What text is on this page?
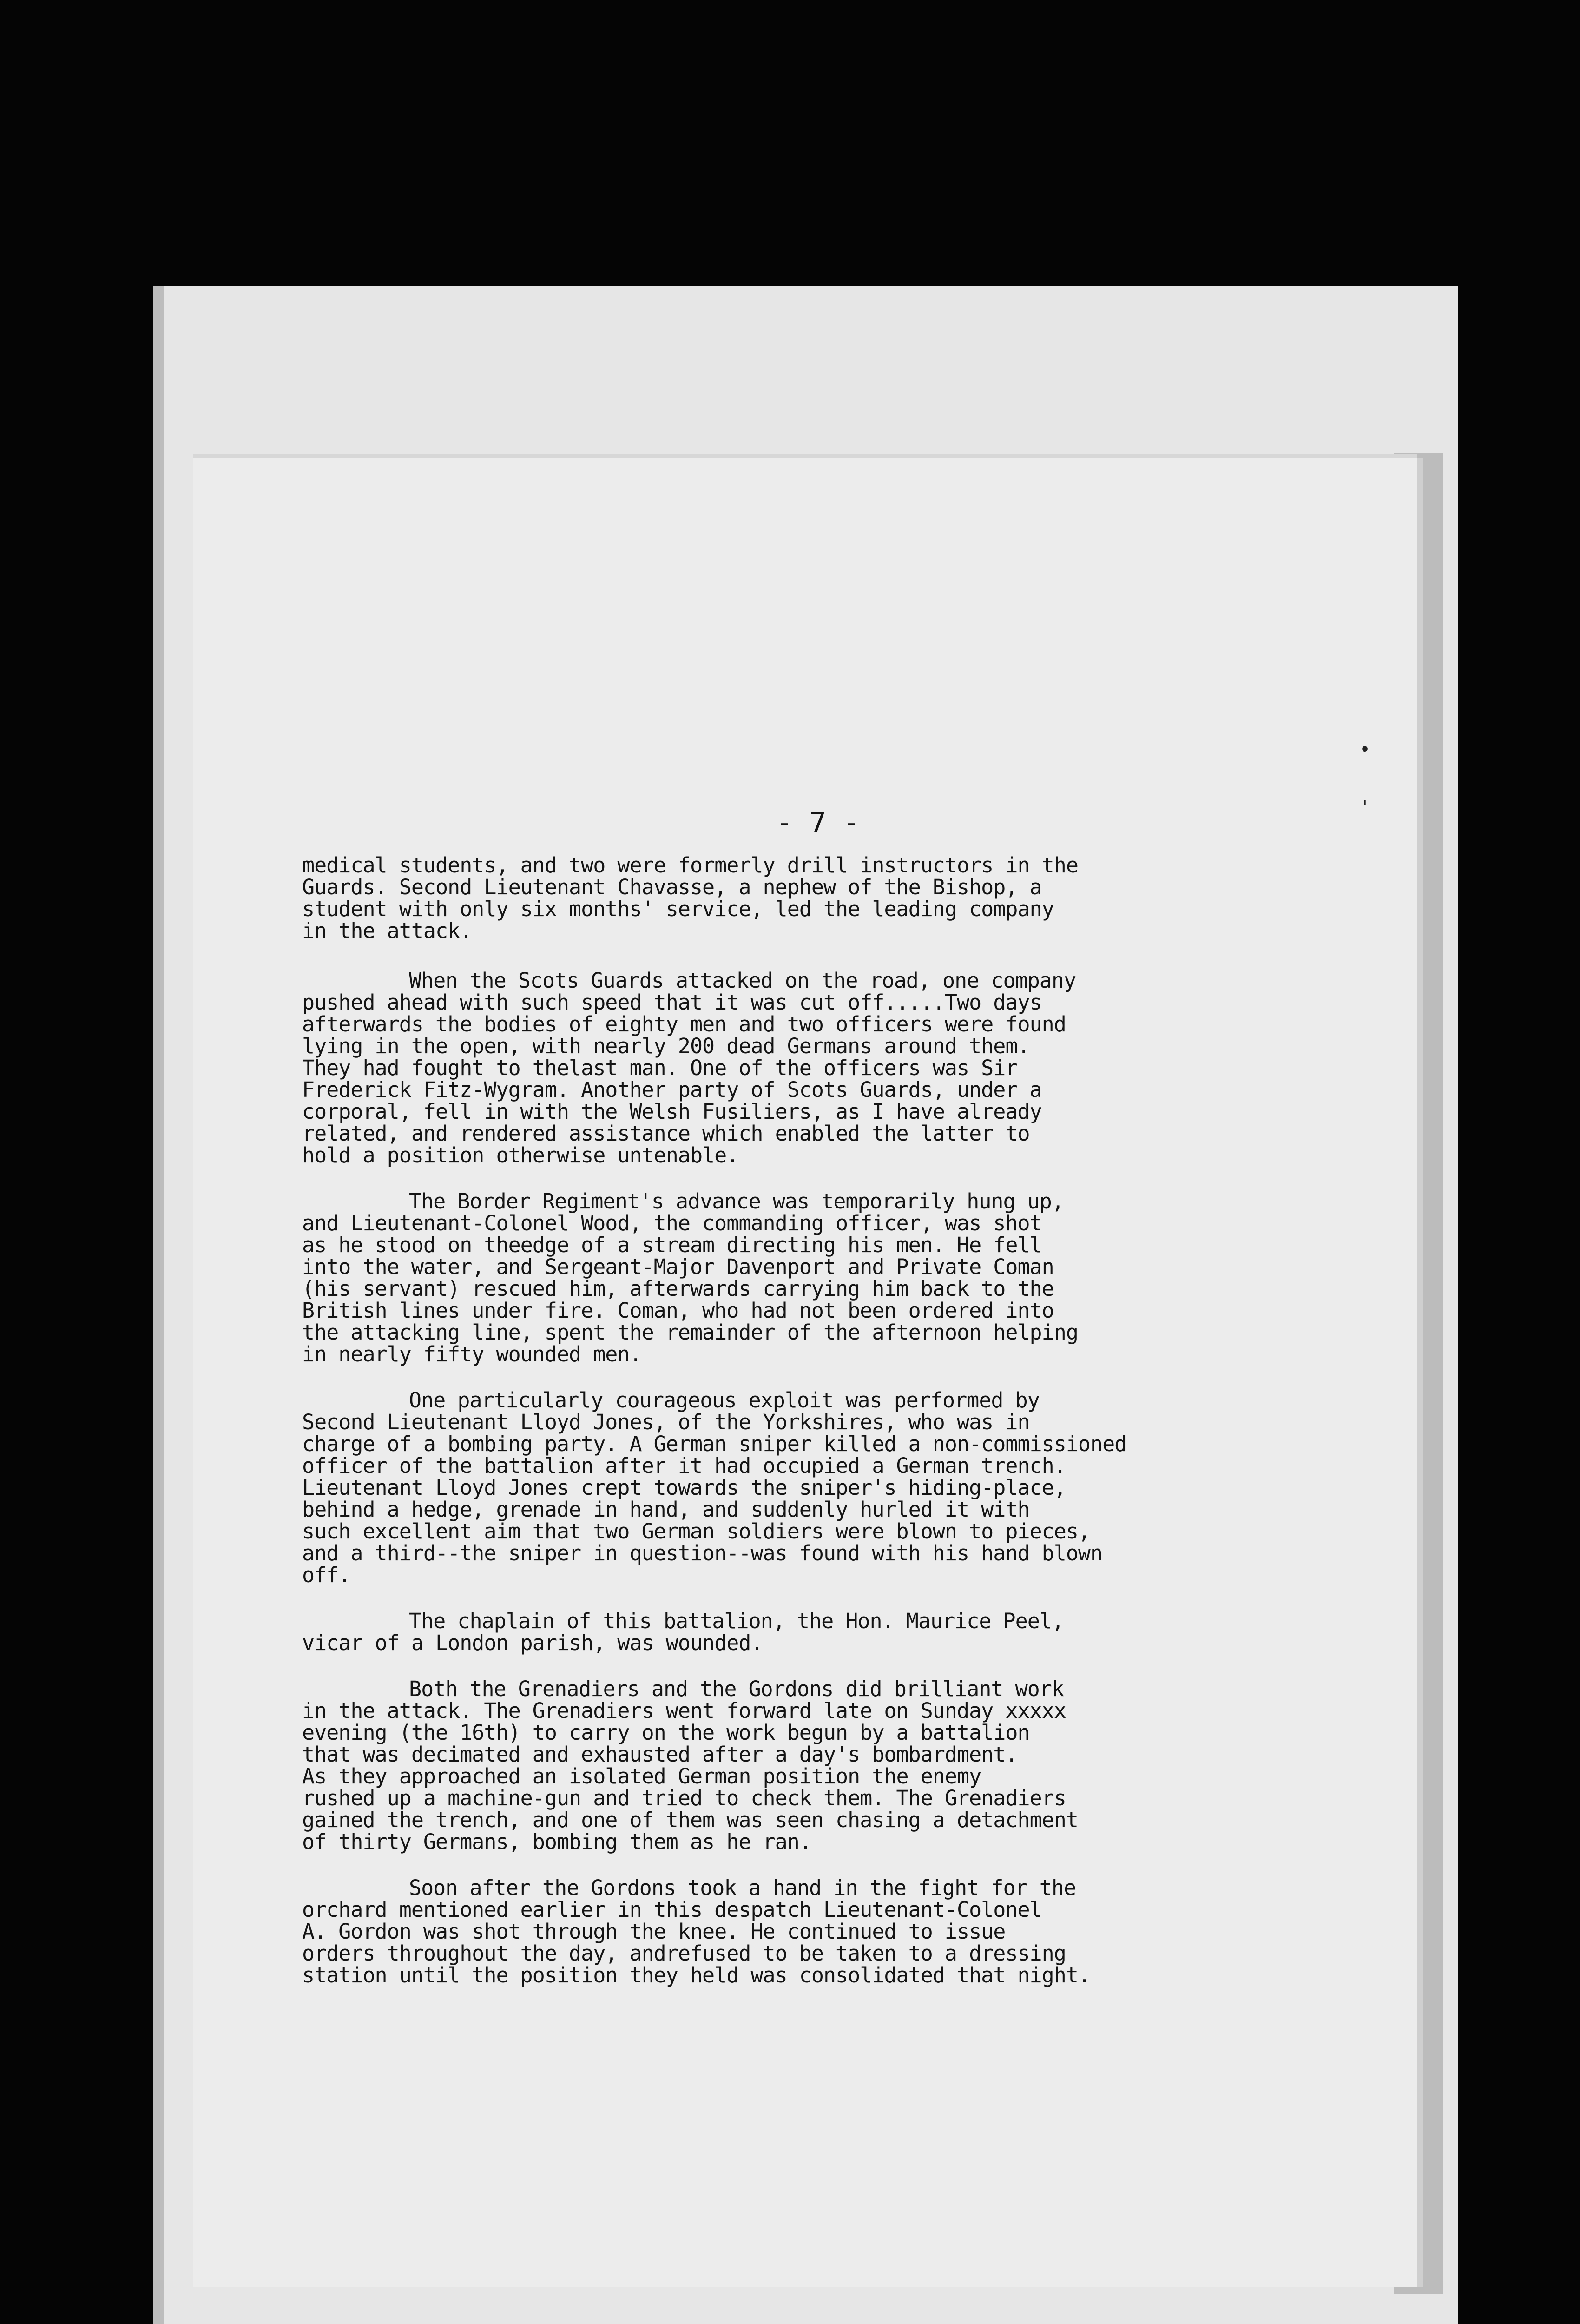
•
'
- 7 -

medical students, and two were formerly drill instructors in the
Guards. Second Lieutenant Chavasse, a nephew of the Bishop, a
student with only six months' service, led the leading company
in the attack.

When the Scots Guards attacked on the road, one company
pushed ahead with such speed that it was cut off.....Two days
afterwards the bodies of eighty men and two officers were found
lying in the open, with nearly 200 dead Germans around them.
They had fought to thelast man. One of the officers was Sir
Frederick Fitz-Wygram. Another party of Scots Guards, under a
corporal, fell in with the Welsh Fusiliers, as I have already
related, and rendered assistance which enabled the latter to
hold a position otherwise untenable.

The Border Regiment's advance was temporarily hung up,
and Lieutenant-Colonel Wood, the commanding officer, was shot
as he stood on theedge of a stream directing his men. He fell
into the water, and Sergeant-Major Davenport and Private Coman
(his servant) rescued him, afterwards carrying him back to the
British lines under fire. Coman, who had not been ordered into
the attacking line, spent the remainder of the afternoon helping
in nearly fifty wounded men.

One particularly courageous exploit was performed by
Second Lieutenant Lloyd Jones, of the Yorkshires, who was in
charge of a bombing party. A German sniper killed a non-commissioned
officer of the battalion after it had occupied a German trench.
Lieutenant Lloyd Jones crept towards the sniper's hiding-place,
behind a hedge, grenade in hand, and suddenly hurled it with
such excellent aim that two German soldiers were blown to pieces,
and a third--the sniper in question--was found with his hand blown
off.

The chaplain of this battalion, the Hon. Maurice Peel,
vicar of a London parish, was wounded.

Both the Grenadiers and the Gordons did brilliant work
in the attack. The Grenadiers went forward late on Sunday xxxxx
evening (the 16th) to carry on the work begun by a battalion
that was decimated and exhausted after a day's bombardment.
As they approached an isolated German position the enemy
rushed up a machine-gun and tried to check them. The Grenadiers
gained the trench, and one of them was seen chasing a detachment
of thirty Germans, bombing them as he ran.

Soon after the Gordons took a hand in the fight for the
orchard mentioned earlier in this despatch Lieutenant-Colonel
A. Gordon was shot through the knee. He continued to issue
orders throughout the day, andrefused to be taken to a dressing
station until the position they held was consolidated that night.
